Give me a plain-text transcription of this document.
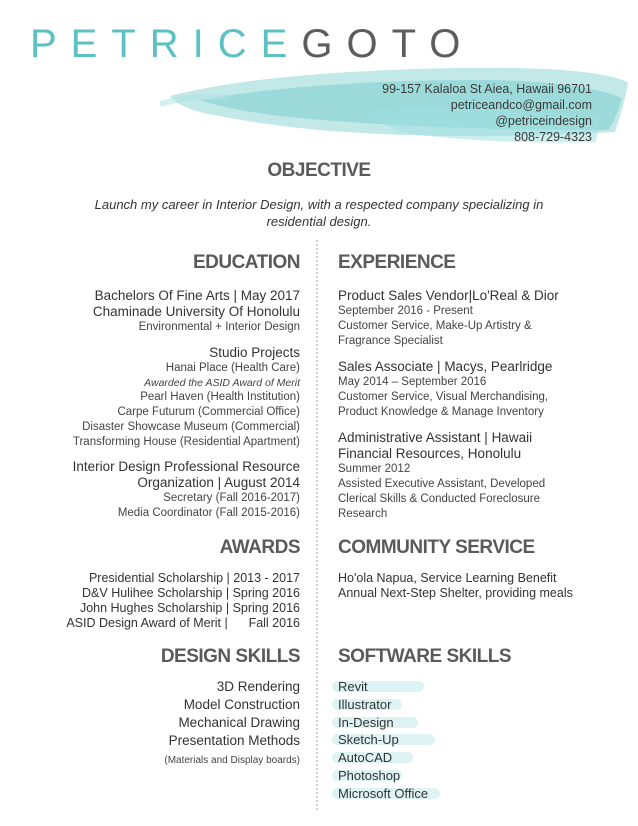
PETRICEGOTO
99-157 Kalaloa St Aiea, Hawaii 96701
petriceandco@gmail.com
@petriceindesign
808-729-4323
OBJECTIVE
Launch my career in Interior Design, with a respected company specializing in
residential design.
EDUCATION
Bachelors Of Fine Arts | May 2017
Chaminade University Of Honolulu
Environmental + Interior Design
Studio Projects
Hanai Place (Health Care)
Awarded the ASID Award of Merit
Pearl Haven (Health Institution)
Carpe Futurum (Commercial Office)
Disaster Showcase Museum (Commercial)
Transforming House (Residential Apartment)
Interior Design Professional Resource
Organization | August 2014
Secretary (Fall 2016-2017)
Media Coordinator (Fall 2015-2016)
EXPERIENCE
Product Sales Vendor|Lo'Real & Dior
September 2016 - Present
Customer Service, Make-Up Artistry &
Fragrance Specialist
Sales Associate | Macys, Pearlridge
May 2014 – September 2016
Customer Service, Visual Merchandising,
Product Knowledge & Manage Inventory
Administrative Assistant | Hawaii
Financial Resources, Honolulu
Summer 2012
Assisted Executive Assistant, Developed
Clerical Skills & Conducted Foreclosure
Research
AWARDS
Presidential Scholarship | 2013 - 2017
D&V Hulihee Scholarship | Spring 2016
John Hughes Scholarship | Spring 2016
ASID Design Award of Merit |      Fall 2016
COMMUNITY SERVICE
Ho'ola Napua, Service Learning Benefit
Annual Next-Step Shelter, providing meals
DESIGN SKILLS
3D Rendering
Model Construction
Mechanical Drawing
Presentation Methods
(Materials and Display boards)
SOFTWARE SKILLS
Revit
Illustrator
In-Design
Sketch-Up
AutoCAD
Photoshop
Microsoft Office
